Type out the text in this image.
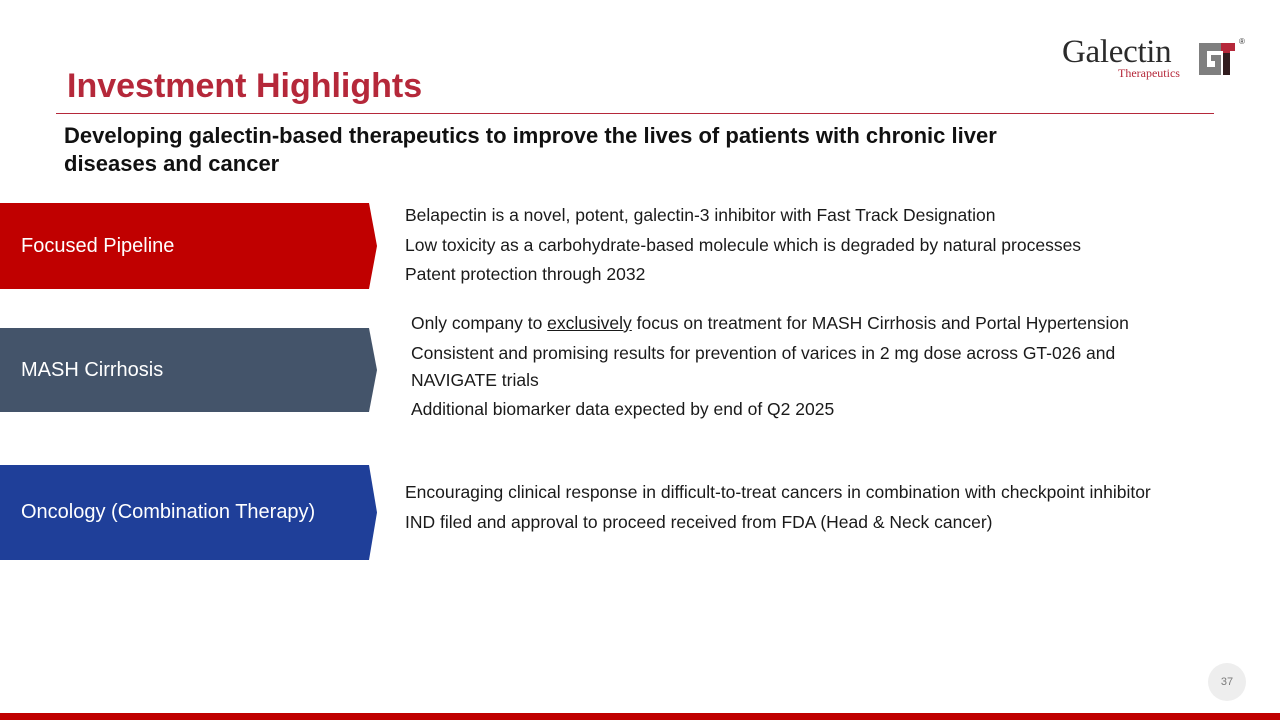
Galectin
Therapeutics
®
Investment Highlights

Developing galectin-based therapeutics to improve the lives of patients with chronic liver diseases and cancer

Focused Pipeline
Belapectin is a novel, potent, galectin-3 inhibitor with Fast Track Designation
Low toxicity as a carbohydrate-based molecule which is degraded by natural processes
Patent protection through 2032
MASH Cirrhosis
Only company to exclusively focus on treatment for MASH Cirrhosis and Portal Hypertension
Consistent and promising results for prevention of varices in 2 mg dose across GT-026 and NAVIGATE trials
Additional biomarker data expected by end of Q2 2025
Oncology (Combination Therapy)
Encouraging clinical response in difficult-to-treat cancers in combination with checkpoint inhibitor
IND filed and approval to proceed received from FDA (Head & Neck cancer)
37
